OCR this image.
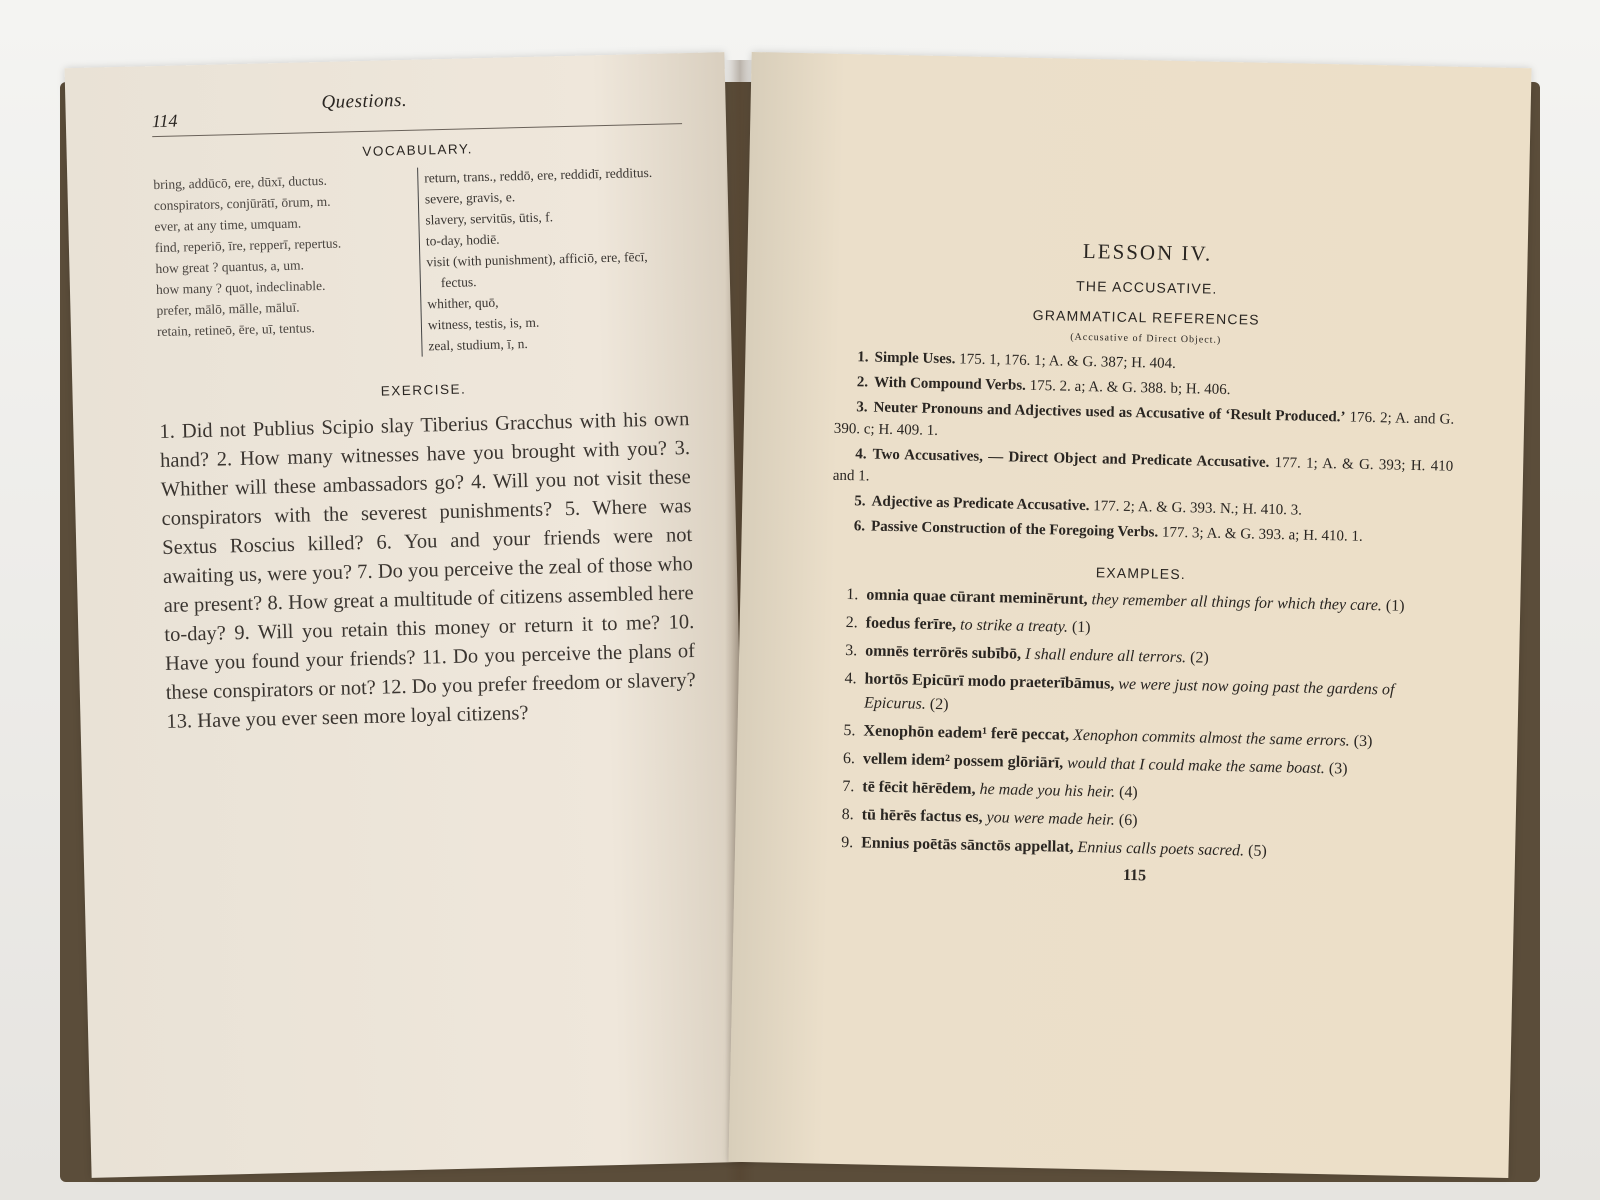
114
Questions.
VOCABULARY.
bring, addūcō, ere, dūxī, ductus.
conspirators, conjūrātī, ōrum, m.
ever, at any time, umquam.
find, reperiō, īre, repperī, repertus.
how great ? quantus, a, um.
how many ? quot, indeclinable.
prefer, mālō, mālle, māluī.
retain, retineō, ēre, uī, tentus.
return, trans., reddō, ere, reddidī, redditus.
severe, gravis, e.
slavery, servitūs, ūtis, f.
to-day, hodiē.
visit (with punishment), afficiō, ere, fēcī, fectus.
whither, quō,
witness, testis, is, m.
zeal, studium, ī, n.
EXERCISE.
1. Did not Publius Scipio slay Tiberius Gracchus with his own hand? 2. How many witnesses have you brought with you? 3. Whither will these ambassadors go? 4. Will you not visit these conspirators with the severest punishments? 5. Where was Sextus Roscius killed? 6. You and your friends were not awaiting us, were you? 7. Do you perceive the zeal of those who are present? 8. How great a multitude of citizens assembled here to-day? 9. Will you retain this money or return it to me? 10. Have you found your friends? 11. Do you perceive the plans of these conspirators or not? 12. Do you prefer freedom or slavery? 13. Have you ever seen more loyal citizens?
LESSON IV.
THE ACCUSATIVE.
GRAMMATICAL REFERENCES
(Accusative of Direct Object.)
1. Simple Uses. 175. 1, 176. 1; A. & G. 387; H. 404.
2. With Compound Verbs. 175. 2. a; A. & G. 388. b; H. 406.
3. Neuter Pronouns and Adjectives used as Accusative of ‘Result Produced.’ 176. 2; A. and G. 390. c; H. 409. 1.
4. Two Accusatives, — Direct Object and Predicate Accusative. 177. 1; A. & G. 393; H. 410 and 1.
5. Adjective as Predicate Accusative. 177. 2; A. & G. 393. N.; H. 410. 3.
6. Passive Construction of the Foregoing Verbs. 177. 3; A. & G. 393. a; H. 410. 1.
EXAMPLES.
1. omnia quae cūrant meminērunt, they remember all things for which they care. (1)
2. foedus ferīre, to strike a treaty. (1)
3. omnēs terrōrēs subībō, I shall endure all terrors. (2)
4. hortōs Epicūrī modo praeterībāmus, we were just now going past the gardens of Epicurus. (2)
5. Xenophōn eadem¹ ferē peccat, Xenophon commits almost the same errors. (3)
6. vellem idem² possem glōriārī, would that I could make the same boast. (3)
7. tē fēcit hērēdem, he made you his heir. (4)
8. tū hērēs factus es, you were made heir. (6)
9. Ennius poētās sānctōs appellat, Ennius calls poets sacred. (5)
115
